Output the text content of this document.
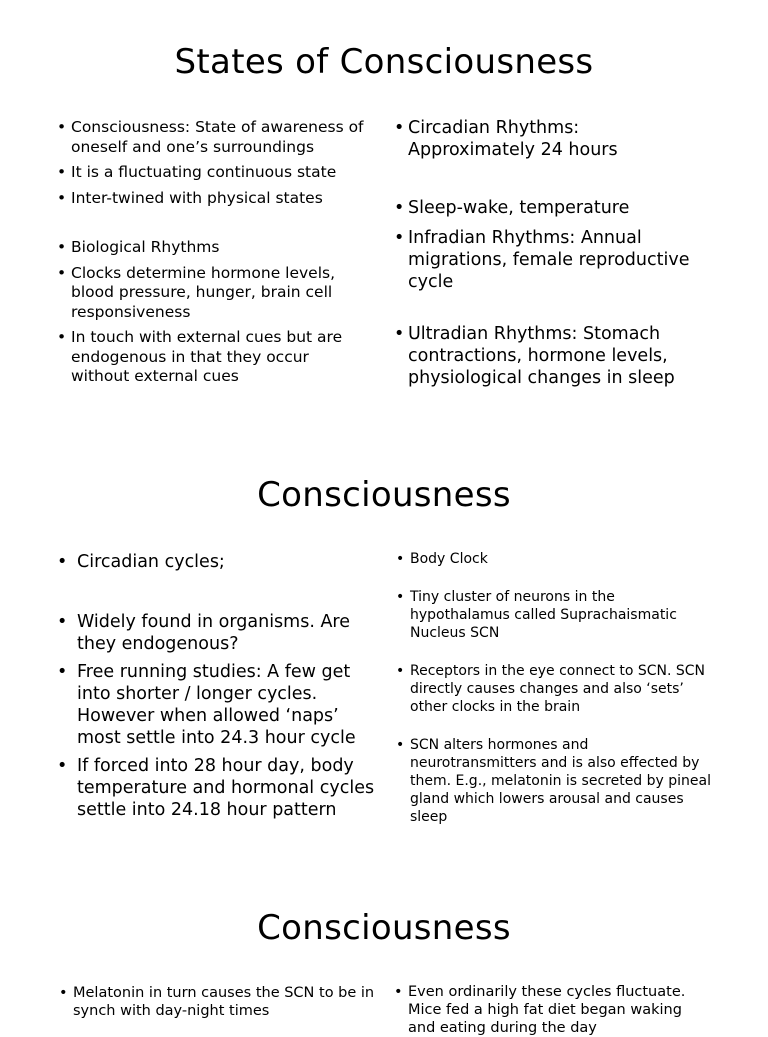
States of Consciousness
• Consciousness: State of awareness of oneself and one’s surroundings
• It is a fluctuating continuous state
• Inter-twined with physical states
• Biological Rhythms
• Clocks determine hormone levels, blood pressure, hunger, brain cell responsiveness
• In touch with external cues but are endogenous in that they occur without external cues
• Circadian Rhythms: Approximately 24 hours
• Sleep-wake, temperature
• Infradian Rhythms: Annual migrations, female reproductive cycle
• Ultradian Rhythms: Stomach contractions, hormone levels, physiological changes in sleep
Consciousness
• Circadian cycles;
• Widely found in organisms. Are they endogenous?
• Free running studies: A few get into shorter / longer cycles. However when allowed ‘naps’ most settle into 24.3 hour cycle
• If forced into 28 hour day, body temperature and hormonal cycles settle into 24.18 hour pattern
• Body Clock
• Tiny cluster of neurons in the hypothalamus called Suprachaismatic Nucleus SCN
• Receptors in the eye connect to SCN. SCN directly causes changes and also ‘sets’ other clocks in the brain
• SCN alters hormones and neurotransmitters and is also effected by them. E.g., melatonin is secreted by pineal gland which lowers arousal and causes sleep
Consciousness
• Melatonin in turn causes the SCN to be in synch with day-night times
• Even ordinarily these cycles fluctuate. Mice fed a high fat diet began waking and eating during the day
